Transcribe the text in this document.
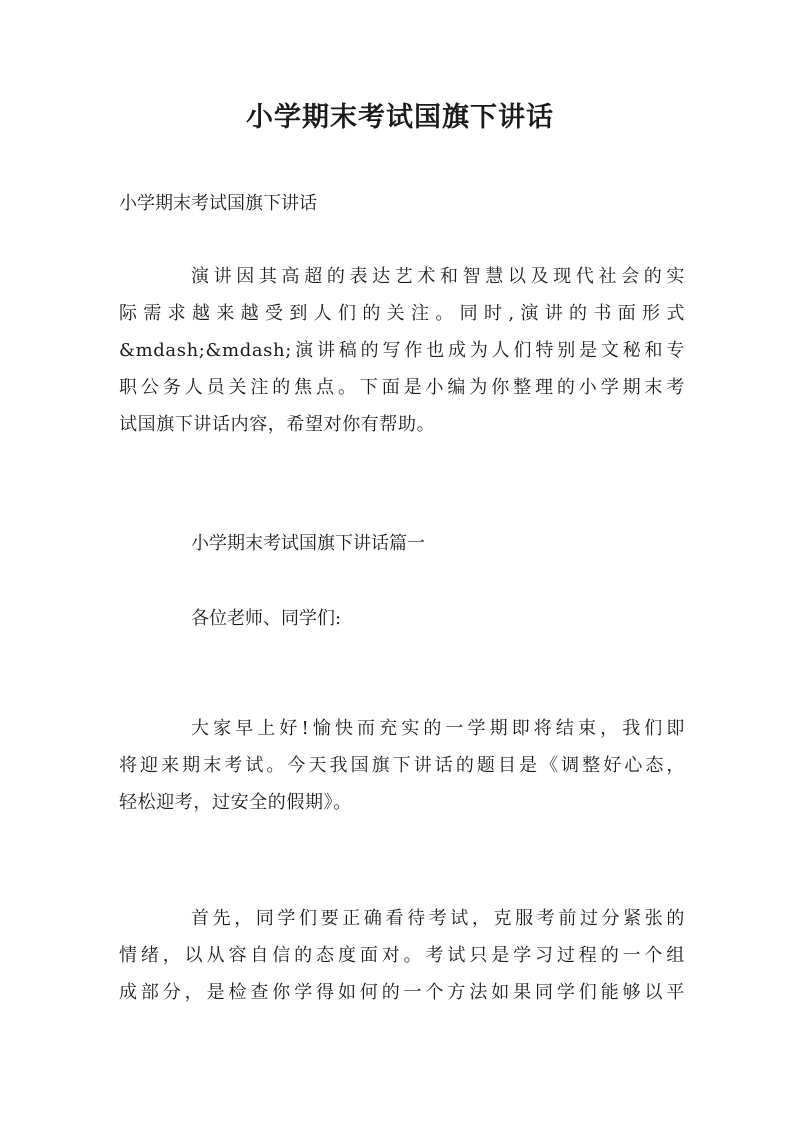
小学期末考试国旗下讲话

小学期末考试国旗下讲话

演讲因其高超的表达艺术和智慧以及现代社会的实
际需求越来越受到人们的关注。同时,演讲的书面形式
&mdash;&mdash;演讲稿的写作也成为人们特别是文秘和专
职公务人员关注的焦点。下面是小编为你整理的小学期末考
试国旗下讲话内容，希望对你有帮助。

小学期末考试国旗下讲话篇一

各位老师、同学们:

大家早上好!愉快而充实的一学期即将结束，我们即
将迎来期末考试。今天我国旗下讲话的题目是《调整好心态，
轻松迎考，过安全的假期》。
首先，同学们要正确看待考试，克服考前过分紧张的
情绪，以从容自信的态度面对。考试只是学习过程的一个组
成部分，是检查你学得如何的一个方法如果同学们能够以平
